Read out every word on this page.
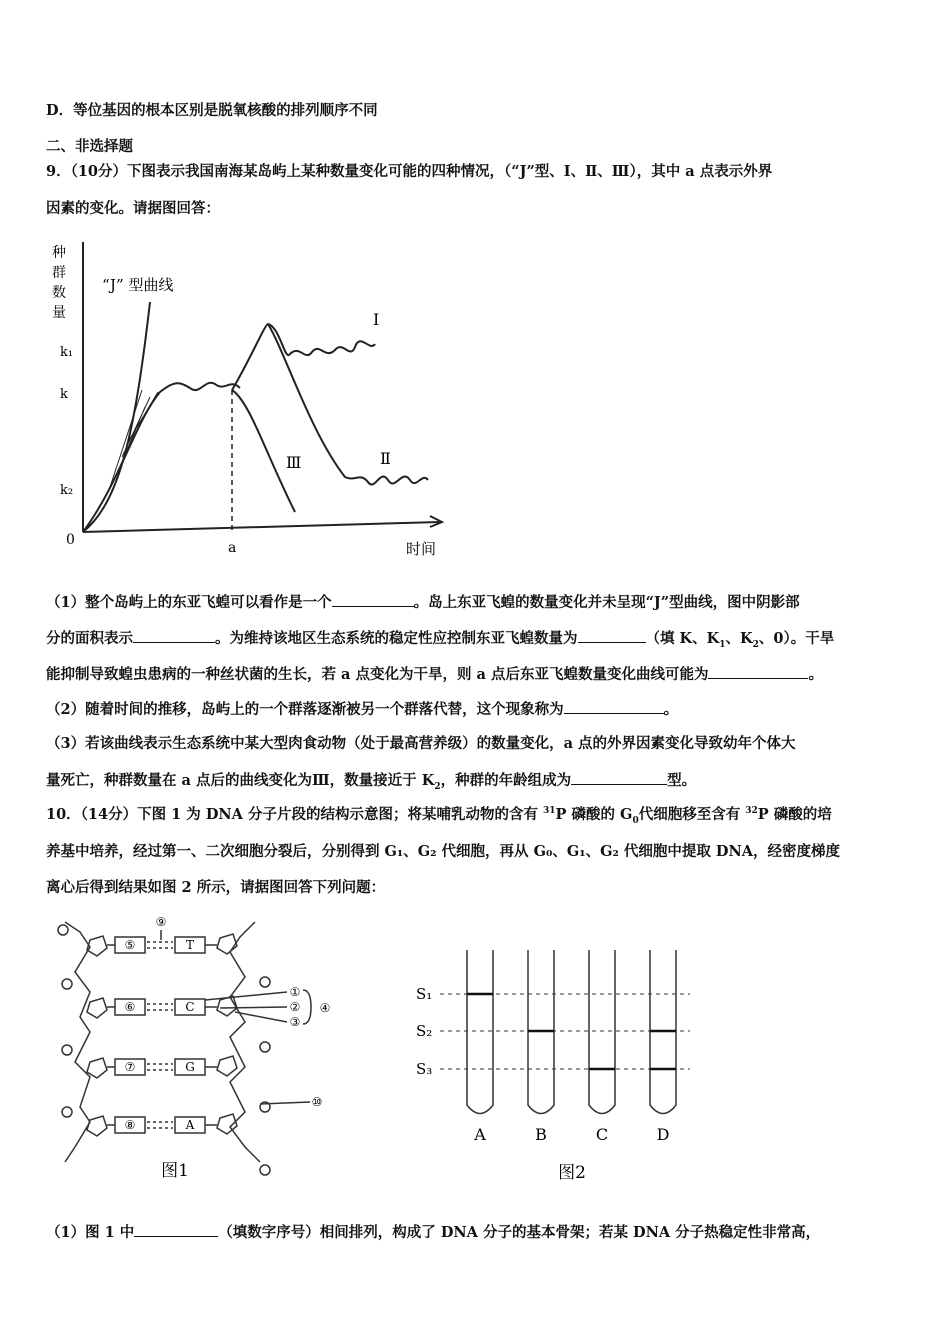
D．等位基因的根本区别是脱氧核酸的排列顺序不同
二、非选择题
9．（10分）下图表示我国南海某岛屿上某种数量变化可能的四种情况，（“J”型、Ⅰ、Ⅱ、Ⅲ），其中 a 点表示外界
因素的变化。请据图回答：
种
群
数
量
k₁
k
k₂
0	a	时间
“J” 型曲线
Ⅰ
Ⅱ
Ⅲ
（1）整个岛屿上的东亚飞蝗可以看作是一个	。岛上东亚飞蝗的数量变化并未呈现“J”型曲线，图中阴影部
分的面积表示	。为维持该地区生态系统的稳定性应控制东亚飞蝗数量为	（填 K、$K_1$、$K_2$、0）。干旱
能抑制导致蝗虫患病的一种丝状菌的生长，若 a 点变化为干旱，则 a 点后东亚飞蝗数量变化曲线可能为	。
（2）随着时间的推移，岛屿上的一个群落逐渐被另一个群落代替，这个现象称为	。
（3）若该曲线表示生态系统中某大型肉食动物（处于最高营养级）的数量变化，a 点的外界因素变化导致幼年个体大
量死亡，种群数量在 a 点后的曲线变化为Ⅲ，数量接近于 $K_2$，种群的年龄组成为	型。
10．（14分）下图 1 为 DNA 分子片段的结构示意图；将某哺乳动物的含有 $^{31}$P 磷酸的 $G_0$代细胞移至含有 $^{32}$P 磷酸的培
养基中培养，经过第一、二次细胞分裂后，分别得到 G₁、G₂ 代细胞，再从 G₀、G₁、G₂ 代细胞中提取 DNA，经密度梯度
离心后得到结果如图 2 所示，请据图回答下列问题：
⑤	T
⑥	C
⑦	G
⑧	A
⑨
①
②
③
④
⑩
图1
S₁
S₂
S₃
A	B	C	D
图2
（1）图 1 中	（填数字序号）相间排列，构成了 DNA 分子的基本骨架；若某 DNA 分子热稳定性非常高，
